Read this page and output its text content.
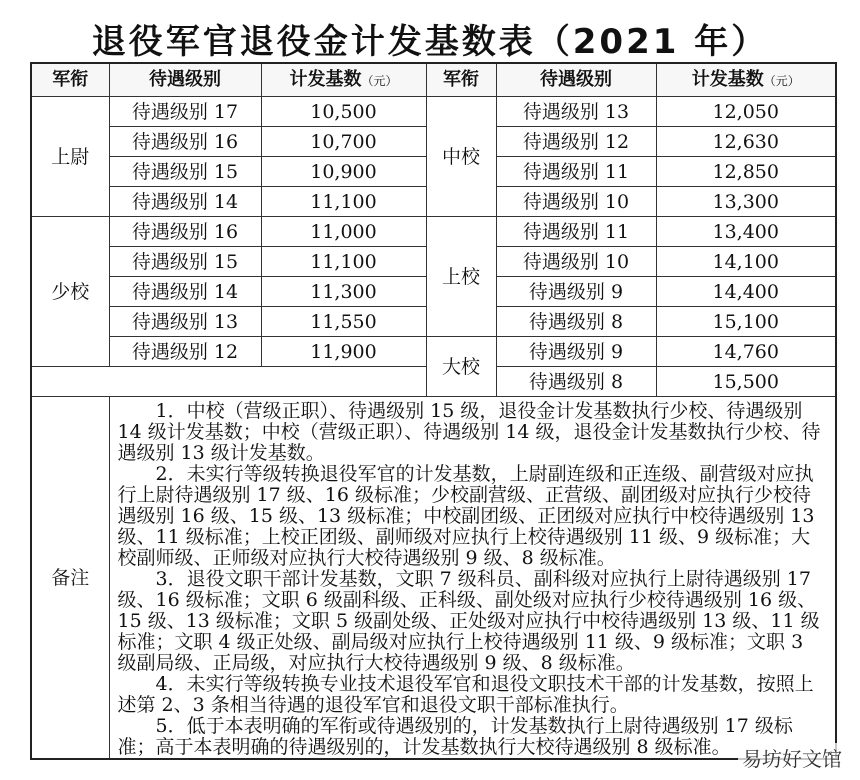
退役军官退役金计发基数表（2021 年）
军衔	待遇级别	计发基数（元）	军衔	待遇级别	计发基数（元）
上尉	待遇级别 17	10,500	中校	待遇级别 13	12,050
	待遇级别 16	10,700		待遇级别 12	12,630
	待遇级别 15	10,900		待遇级别 11	12,850
	待遇级别 14	11,100		待遇级别 10	13,300
少校	待遇级别 16	11,000	上校	待遇级别 11	13,400
	待遇级别 15	11,100		待遇级别 10	14,100
	待遇级别 14	11,300		待遇级别 9	14,400
	待遇级别 13	11,550		待遇级别 8	15,100
	待遇级别 12	11,900	大校	待遇级别 9	14,760
				待遇级别 8	15,500
备注	1．中校（营级正职）、待遇级别 15 级，退役金计发基数执行少校、待遇级别 14 级计发基数；中校（营级正职）、待遇级别 14 级，退役金计发基数执行少校、待遇级别 13 级计发基数。

2．未实行等级转换退役军官的计发基数，上尉副连级和正连级、副营级对应执行上尉待遇级别 17 级、16 级标准；少校副营级、正营级、副团级对应执行少校待遇级别 16 级、15 级、13 级标准；中校副团级、正团级对应执行中校待遇级别 13 级、11 级标准；上校正团级、副师级对应执行上校待遇级别 11 级、9 级标准；大校副师级、正师级对应执行大校待遇级别 9 级、8 级标准。

3．退役文职干部计发基数，文职 7 级科员、副科级对应执行上尉待遇级别 17 级、16 级标准；文职 6 级副科级、正科级、副处级对应执行少校待遇级别 16 级、15 级、13 级标准；文职 5 级副处级、正处级对应执行中校待遇级别 13 级、11 级标准；文职 4 级正处级、副局级对应执行上校待遇级别 11 级、9 级标准；文职 3 级副局级、正局级，对应执行大校待遇级别 9 级、8 级标准。

4．未实行等级转换专业技术退役军官和退役文职技术干部的计发基数，按照上述第 2、3 条相当待遇的退役军官和退役文职干部标准执行。

5．低于本表明确的军衔或待遇级别的，计发基数执行上尉待遇级别 17 级标准；高于本表明确的待遇级别的，计发基数执行大校待遇级别 8 级标准。				易坊好文馆
